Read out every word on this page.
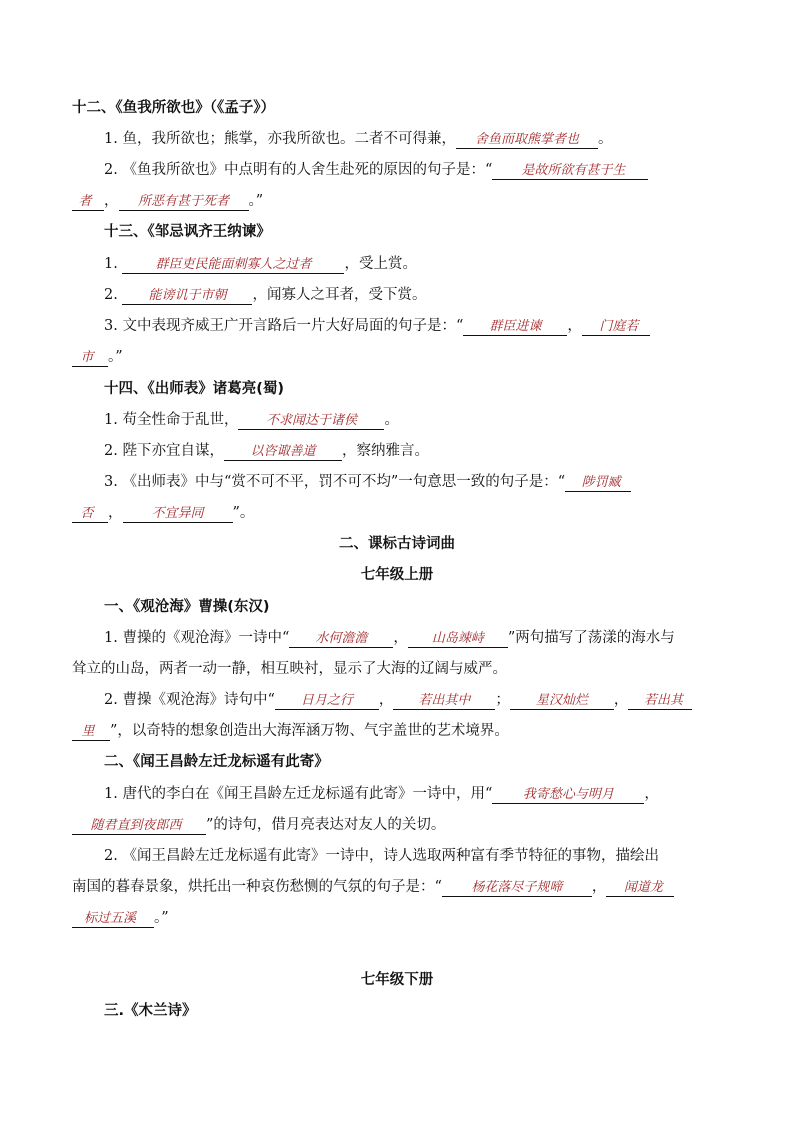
十二、《鱼我所欲也》（《孟子》）
1. 鱼，我所欲也；熊掌，亦我所欲也。二者不可得兼， 舍鱼而取熊掌者也 。
2. 《鱼我所欲也》中点明有的人舍生赴死的原因的句子是：“ 是故所欲有甚于生
者 ， 所恶有甚于死者 。”
十三、《邹忌讽齐王纳谏》
1.	群臣吏民能面刺寡人之过者 ，受上赏。
2. 能谤讥于市朝 ，闻寡人之耳者，受下赏。
3. 文中表现齐威王广开言路后一片大好局面的句子是：“ 群臣进谏 ， 门庭若
市 。”
十四、《出师表》诸葛亮(蜀)
1. 苟全性命于乱世， 不求闻达于诸侯 。
2. 陛下亦宜自谋， 以咨诹善道 ，察纳雅言。
3. 《出师表》中与“赏不可不平，罚不可不均”一句意思一致的句子是：“ 陟罚臧
否 ， 不宜异同 ”。
二、课标古诗词曲
七年级上册
一、《观沧海》曹操(东汉)
1. 曹操的《观沧海》一诗中“ 水何澹澹 ， 山岛竦峙 ”两句描写了荡漾的海水与
耸立的山岛，两者一动一静，相互映衬，显示了大海的辽阔与威严。
2. 曹操《观沧海》诗句中“ 日月之行 ， 若出其中 ； 星汉灿烂 ， 若出其
里 ”，以奇特的想象创造出大海浑涵万物、气宇盖世的艺术境界。
二、《闻王昌龄左迁龙标遥有此寄》
1. 唐代的李白在《闻王昌龄左迁龙标遥有此寄》一诗中，用“ 我寄愁心与明月 ，
随君直到夜郎西 ”的诗句，借月亮表达对友人的关切。
2. 《闻王昌龄左迁龙标遥有此寄》一诗中，诗人选取两种富有季节特征的事物，描绘出
南国的暮春景象，烘托出一种哀伤愁恻的气氛的句子是：“ 杨花落尽子规啼 ， 闻道龙
标过五溪 。”
七年级下册
三.《木兰诗》
